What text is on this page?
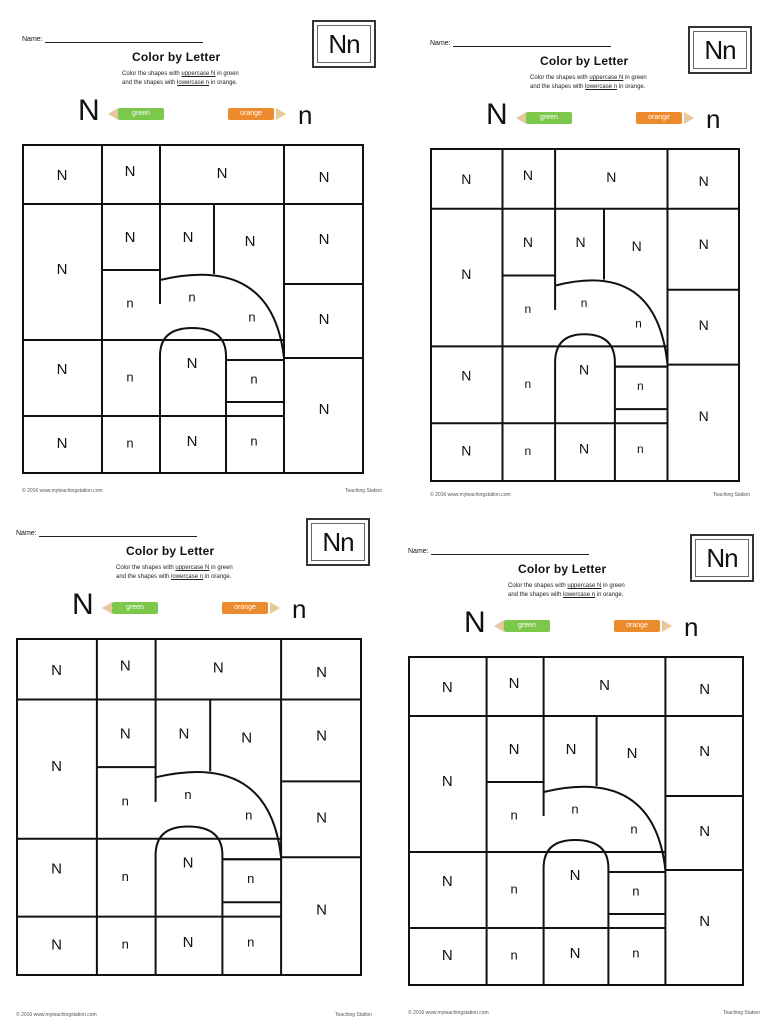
Name:
Color by Letter
Color the shapes with uppercase N in green
and the shapes with lowercase n in orange.
Nn
N	green	orange	n
N	N	N	N
N
N	N	N	N
n	n
n	N
N	n
N
n
N
N	n	N	n
© 2016 www.myteachingstation.com	Teaching Station
Name:
Color by Letter
Color the shapes with uppercase N in green
and the shapes with lowercase n in orange.
Nn
N	green	orange	n
N	N	N	N
N
N	N	N	N
n	n
n	N
N
n
N
n
N
N	n	N	n
© 2016 www.myteachingstation.com	Teaching Station
Name:
Color by Letter
Color the shapes with uppercase N in green
and the shapes with lowercase n in orange.
Nn
N	green	orange	n
N	N	N	N
N
N	N	N	N
n	n
n	N
N	n
N
n
N
N	n	N	n
© 2016 www.myteachingstation.com	Teaching Station
Name:
Color by Letter
Color the shapes with uppercase N in green
and the shapes with lowercase n in orange.
Nn
N	green	orange	n
N	N	N	N
N
N	N	N	N
n	n
n	N
N	n
N
n
N
N	n	N	n
© 2016 www.myteachingstation.com	Teaching Station
